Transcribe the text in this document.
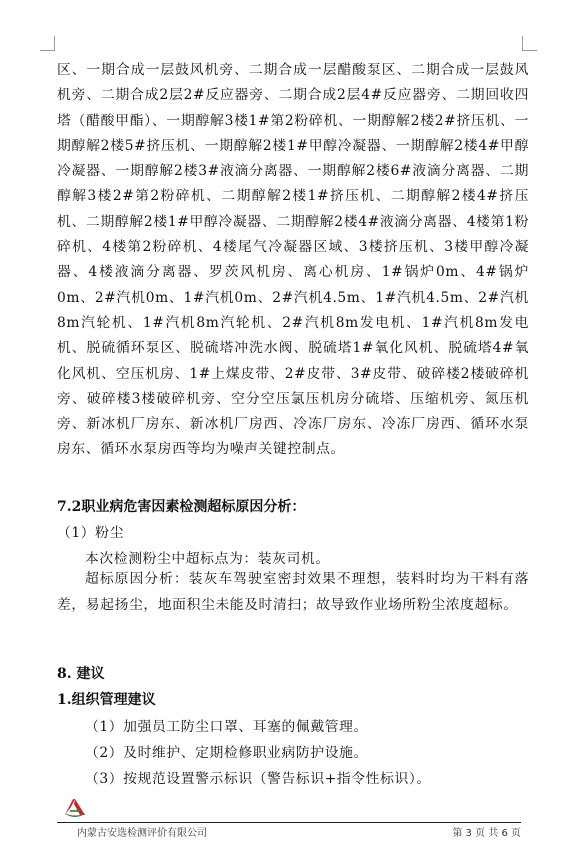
区、一期合成一层鼓风机旁、二期合成一层醋酸泵区、二期合成一层鼓风机旁、二期合成2层2#反应器旁、二期合成2层4#反应器旁、二期回收四塔（醋酸甲酯）、一期醇解3楼1#第2粉碎机、一期醇解2楼2#挤压机、一期醇解2楼5#挤压机、一期醇解2楼1#甲醇冷凝器、一期醇解2楼4#甲醇冷凝器、一期醇解2楼3#液滴分离器、一期醇解2楼6#液滴分离器、二期醇解3楼2#第2粉碎机、二期醇解2楼1#挤压机、二期醇解2楼4#挤压机、二期醇解2楼1#甲醇冷凝器、二期醇解2楼4#液滴分离器、4楼第1粉碎机、4楼第2粉碎机、4楼尾气冷凝器区域、3楼挤压机、3楼甲醇冷凝器、4楼液滴分离器、罗茨风机房、离心机房、1#锅炉0m、4#锅炉0m、2#汽机0m、1#汽机0m、2#汽机4.5m、1#汽机4.5m、2#汽机8m汽轮机、1#汽机8m汽轮机、2#汽机8m发电机、1#汽机8m发电机、脱硫循环泵区、脱硫塔冲洗水阀、脱硫塔1#氧化风机、脱硫塔4#氧化风机、空压机房、1#上煤皮带、2#皮带、3#皮带、破碎楼2楼破碎机旁、破碎楼3楼破碎机旁、空分空压氯压机房分硫塔、压缩机旁、氮压机旁、新冰机厂房东、新冰机厂房西、冷冻厂房东、冷冻厂房西、循环水泵房东、循环水泵房西等均为噪声关键控制点。
7.2职业病危害因素检测超标原因分析：
（1）粉尘
本次检测粉尘中超标点为：装灰司机。
超标原因分析：装灰车驾驶室密封效果不理想，装料时均为干料有落差，易起扬尘，地面积尘未能及时清扫；故导致作业场所粉尘浓度超标。
8. 建议
1.组织管理建议
（1）加强员工防尘口罩、耳塞的佩戴管理。
（2）及时维护、定期检修职业病防护设施。
（3）按规范设置警示标识（警告标识+指令性标识）。
内蒙古安选检测评价有限公司	第 3 页 共 6 页
